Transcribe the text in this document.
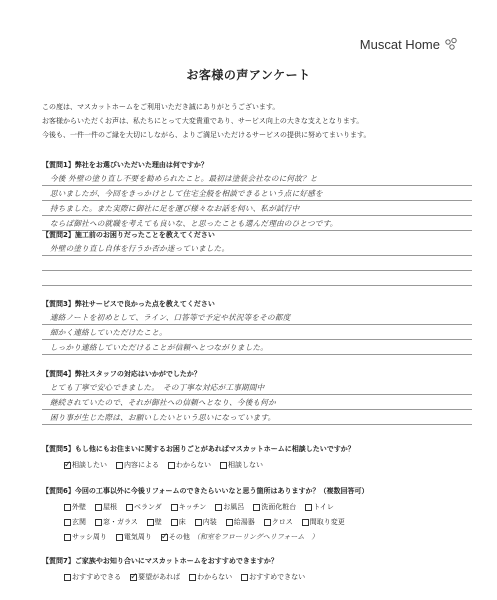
Muscat Home
お客様の声アンケート
この度は、マスカットホームをご利用いただき誠にありがとうございます。
お客様からいただくお声は、私たちにとって大変貴重であり、サービス向上の大きな支えとなります。
今後も、一件一件のご縁を大切にしながら、よりご満足いただけるサービスの提供に努めてまいります。
【質問1】弊社をお選びいただいた理由は何ですか？
今後 外壁の塗り直し不要を勧められたこと。最初は塗装会社なのに何故？と
思いましたが、今回をきっかけとして住宅全般を相談できるという点に好感を
持ちました。また実際に御社に足を運び様々なお話を伺い、私が試行中
ならば御社への就職を考えても良いな、と思ったことも選んだ理由のひとつです。
【質問2】施工前のお困りだったことを教えてください
外壁の塗り直し自体を行うか否か迷っていました。
【質問3】弊社サービスで良かった点を教えてください
連絡ノートを初めとして、ライン、口答等で予定や状況等をその都度
細かく連絡していただけたこと。
しっかり連絡していただけることが信頼へとつながりました。
【質問4】弊社スタッフの対応はいかがでしたか？
とても丁寧で安心できました。　その丁寧な対応が工事期間中
継続されていたので、それが御社への信頼へとなり、今後も何か
困り事が生じた際は、お願いしたいという思いになっています。
【質問5】もし他にもお住まいに関するお困りごとがあればマスカットホームに相談したいですか？
✓
相談したい 内容による わからない 相談しない
【質問6】今回の工事以外に今後リフォームのできたらいいなと思う箇所はありますか？（複数回答可）
外壁 屋根 ベランダ キッチン お風呂 洗面化粧台 トイレ
玄関 窓・ガラス 壁 床 内装 給湯器 クロス 間取り変更
サッシ周り 電気周り ✓ その他 （和室をフローリングへリフォーム　）
【質問7】ご家族やお知り合いにマスカットホームをおすすめできますか？
おすすめできる ✓ 要望があれば わからない おすすめできない
